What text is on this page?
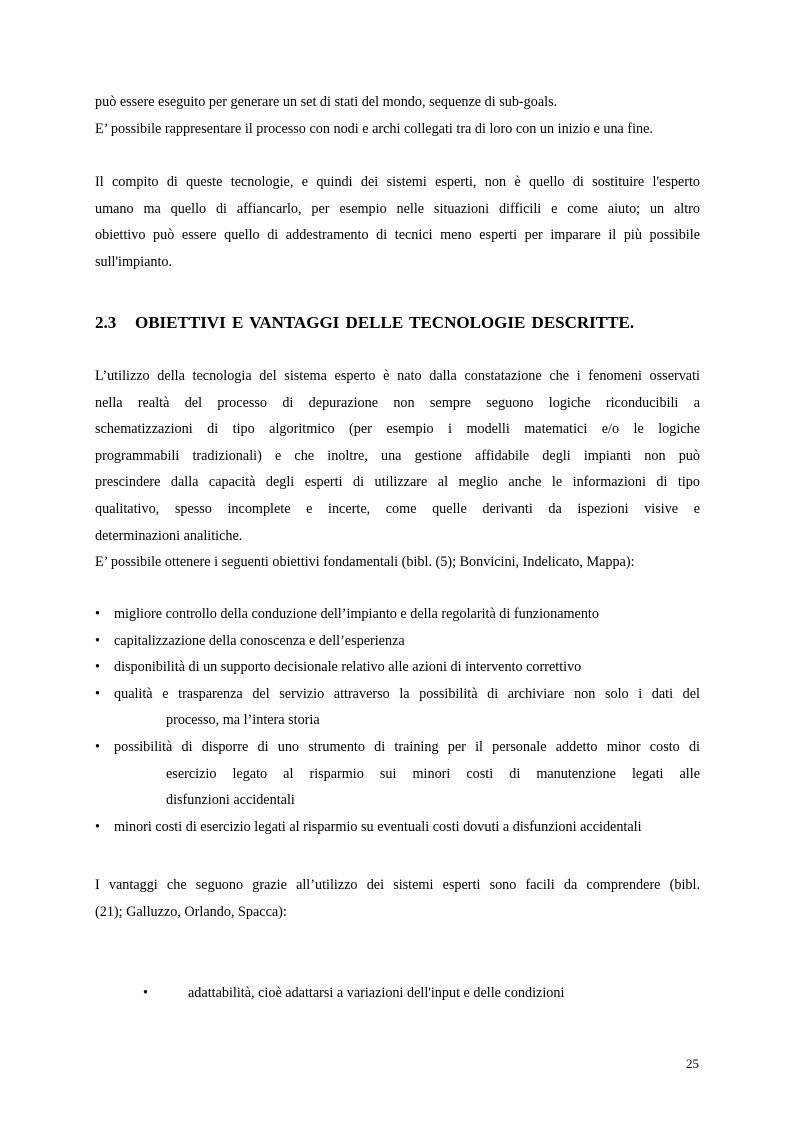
può essere eseguito per generare un set di stati del mondo, sequenze di sub-goals.
E’ possibile rappresentare il processo con nodi e archi collegati tra di loro con un inizio e una fine.
Il compito di queste tecnologie, e quindi dei sistemi esperti, non è quello di sostituire l'esperto
umano ma quello di affiancarlo, per esempio nelle situazioni difficili e come aiuto; un altro
obiettivo può essere quello di addestramento di tecnici meno esperti per imparare il più possibile
sull'impianto.
2.3 OBIETTIVI E VANTAGGI DELLE TECNOLOGIE DESCRITTE.
L’utilizzo della tecnologia del sistema esperto è nato dalla constatazione che i fenomeni osservati
nella realtà del processo di depurazione non sempre seguono logiche riconducibili a
schematizzazioni di tipo algoritmico (per esempio i modelli matematici e/o le logiche
programmabili tradizionali) e che inoltre, una gestione affidabile degli impianti non può
prescindere dalla capacità degli esperti di utilizzare al meglio anche le informazioni di tipo
qualitativo, spesso incomplete e incerte, come quelle derivanti da ispezioni visive e
determinazioni analitiche.
E’ possibile ottenere i seguenti obiettivi fondamentali (bibl. (5); Bonvicini, Indelicato, Mappa):
• migliore controllo della conduzione dell’impianto e della regolarità di funzionamento
• capitalizzazione della conoscenza e dell’esperienza
• disponibilità di un supporto decisionale relativo alle azioni di intervento correttivo
• qualità e trasparenza del servizio attraverso la possibilità di archiviare non solo i dati del
processo, ma l’intera storia
• possibilità di disporre di uno strumento di training per il personale addetto minor costo di
esercizio legato al risparmio sui minori costi di manutenzione legati alle
disfunzioni accidentali
• minori costi di esercizio legati al risparmio su eventuali costi dovuti a disfunzioni accidentali
I vantaggi che seguono grazie all’utilizzo dei sistemi esperti sono facili da comprendere (bibl.
(21); Galluzzo, Orlando, Spacca):
•	adattabilità, cioè adattarsi a variazioni dell'input e delle condizioni
25
